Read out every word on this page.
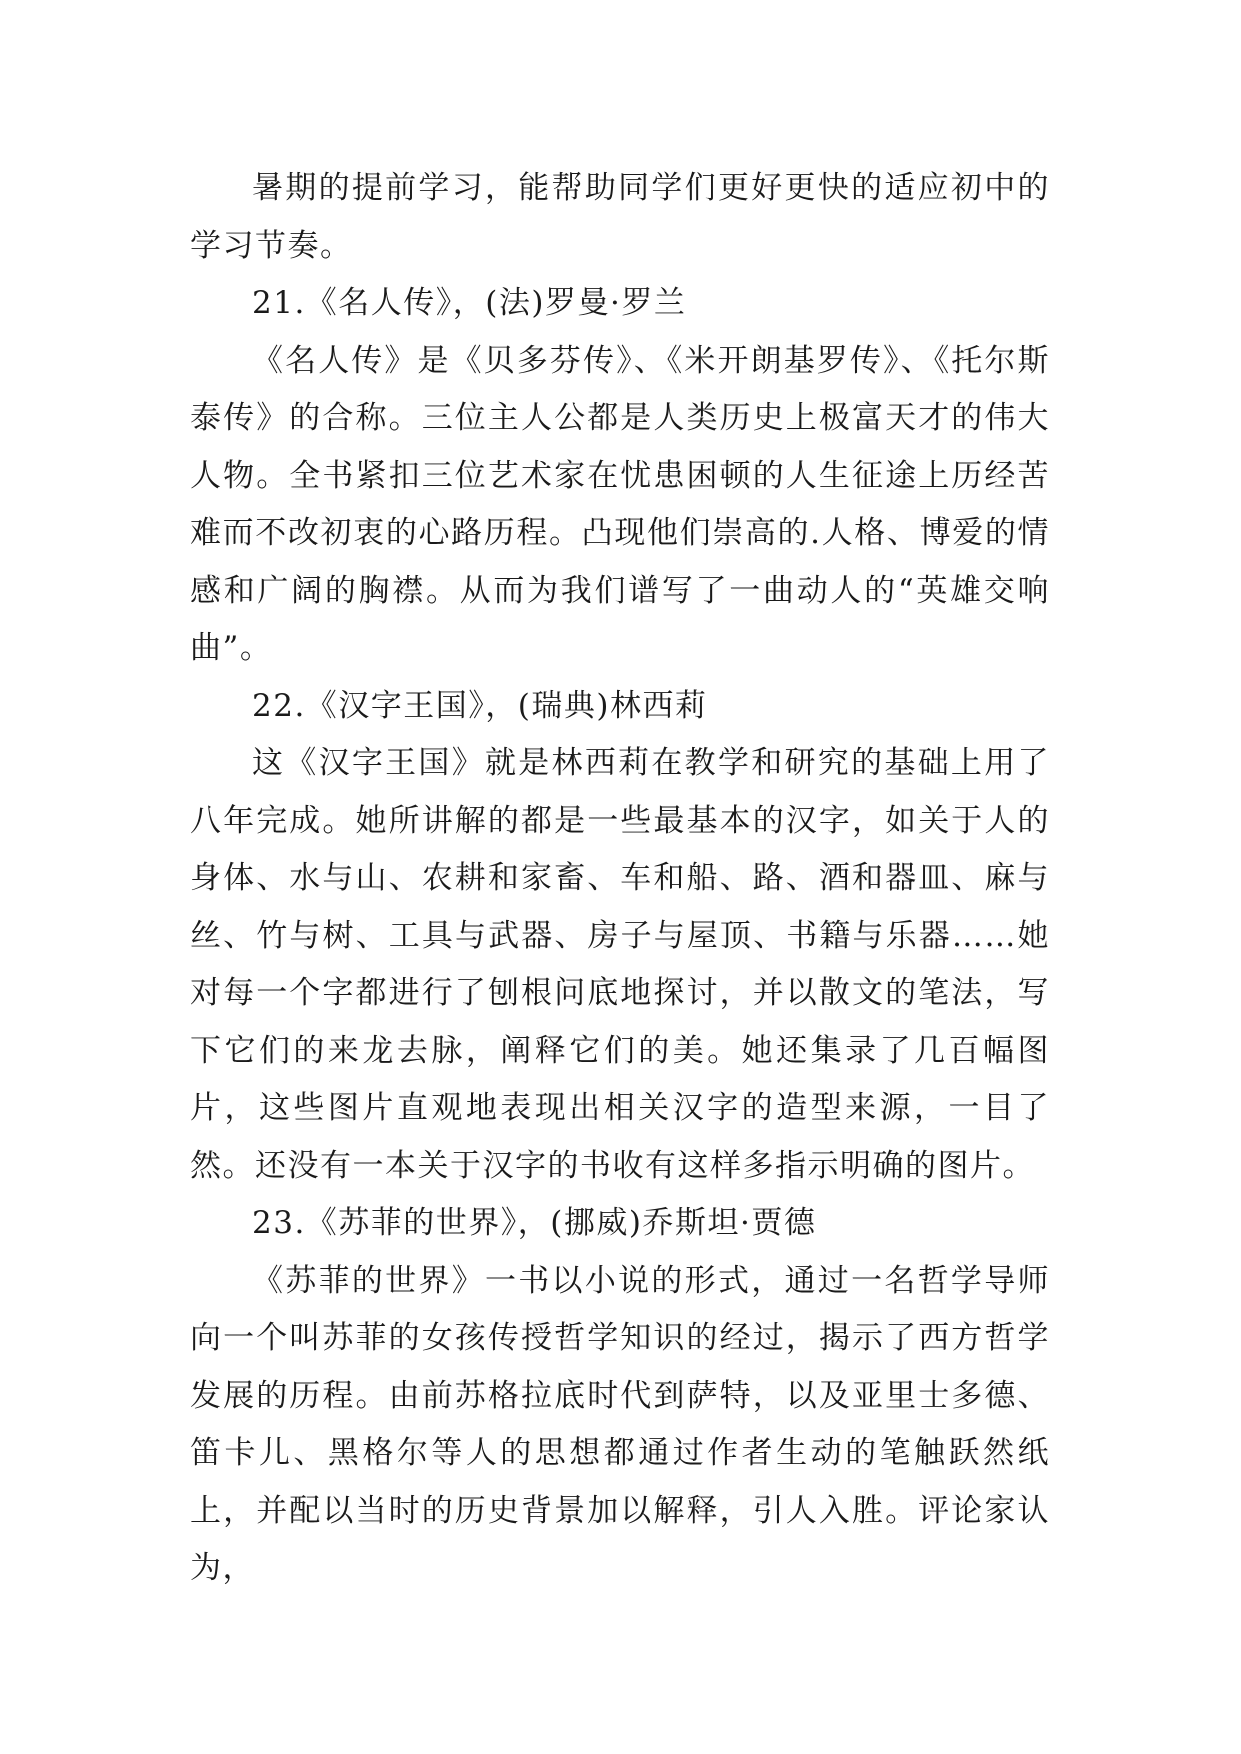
暑期的提前学习，能帮助同学们更好更快的适应初中的学习节奏。

21.《名人传》，(法)罗曼·罗兰

《名人传》是《贝多芬传》、《米开朗基罗传》、《托尔斯泰传》的合称。三位主人公都是人类历史上极富天才的伟大人物。全书紧扣三位艺术家在忧患困顿的人生征途上历经苦难而不改初衷的心路历程。凸现他们崇高的.人格、博爱的情感和广阔的胸襟。从而为我们谱写了一曲动人的“英雄交响曲”。

22.《汉字王国》，(瑞典)林西莉

这《汉字王国》就是林西莉在教学和研究的基础上用了八年完成。她所讲解的都是一些最基本的汉字，如关于人的身体、水与山、农耕和家畜、车和船、路、酒和器皿、麻与丝、竹与树、工具与武器、房子与屋顶、书籍与乐器……她对每一个字都进行了刨根问底地探讨，并以散文的笔法，写下它们的来龙去脉，阐释它们的美。她还集录了几百幅图片，这些图片直观地表现出相关汉字的造型来源，一目了然。还没有一本关于汉字的书收有这样多指示明确的图片。

23.《苏菲的世界》，(挪威)乔斯坦·贾德

《苏菲的世界》一书以小说的形式，通过一名哲学导师向一个叫苏菲的女孩传授哲学知识的经过，揭示了西方哲学发展的历程。由前苏格拉底时代到萨特，以及亚里士多德、笛卡儿、黑格尔等人的思想都通过作者生动的笔触跃然纸上，并配以当时的历史背景加以解释，引人入胜。评论家认为，
